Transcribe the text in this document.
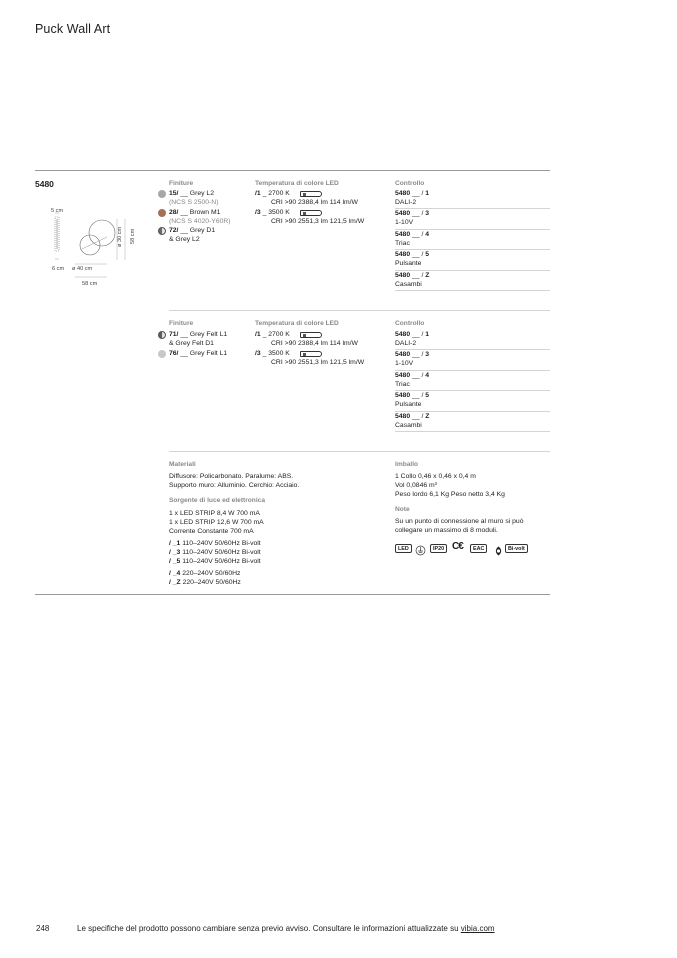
Puck Wall Art
5480
5 cm
ø 30 cm 58 cm
6 cm ø 40 cm
58 cm
Finiture
15/ __ Grey L2
(NCS S 2500-N)
28/ __ Brown M1
(NCS S 4020-Y60R)
72/ __ Grey D1
& Grey L2
Temperatura di colore LED
/1 _ 2700 K
CRI >90 2388,4 lm 114 lm/W
/3 _ 3500 K
CRI >90 2551,3 lm 121,5 lm/W
Controllo
5480 __ / 1
DALI-2
5480 __ / 3
1-10V
5480 __ / 4
Triac
5480 __ / 5
Pulsante
5480 __ / Z
Casambi
Finiture
71/ __ Grey Felt L1
& Grey Felt D1
76/ __ Grey Felt L1
Temperatura di colore LED
/1 _ 2700 K
CRI >90 2388,4 lm 114 lm/W
/3 _ 3500 K
CRI >90 2551,3 lm 121,5 lm/W
Controllo
5480 __ / 1
DALI-2
5480 __ / 3
1-10V
5480 __ / 4
Triac
5480 __ / 5
Pulsante
5480 __ / Z
Casambi
Materiali
Diffusore: Policarbonato. Paralume: ABS.
Supporto muro: Alluminio. Cerchio: Acciaio.
Sorgente di luce ed elettronica
1 x LED STRIP 8,4 W 700 mA
1 x LED STRIP 12,6 W 700 mA
Corrente Constante 700 mA
/ _1 110–240V 50/60Hz Bi-volt
/ _3 110–240V 50/60Hz Bi-volt
/ _5 110–240V 50/60Hz Bi-volt
/ _4 220–240V 50/60Hz
/ _Z 220–240V 50/60Hz
Imballo
1 Collo 0,46 x 0,46 x 0,4 m
Vol 0,0846 m³
Peso lordo 6,1 Kg Peso netto 3,4 Kg
Note
Su un punto di connessione al muro si può
collegare un massimo di 8 moduli.
LED	IP20 C€	EAC	Bi-volt
248	Le specifiche del prodotto possono cambiare senza previo avviso. Consultare le informazioni attualizzate su vibia.com
